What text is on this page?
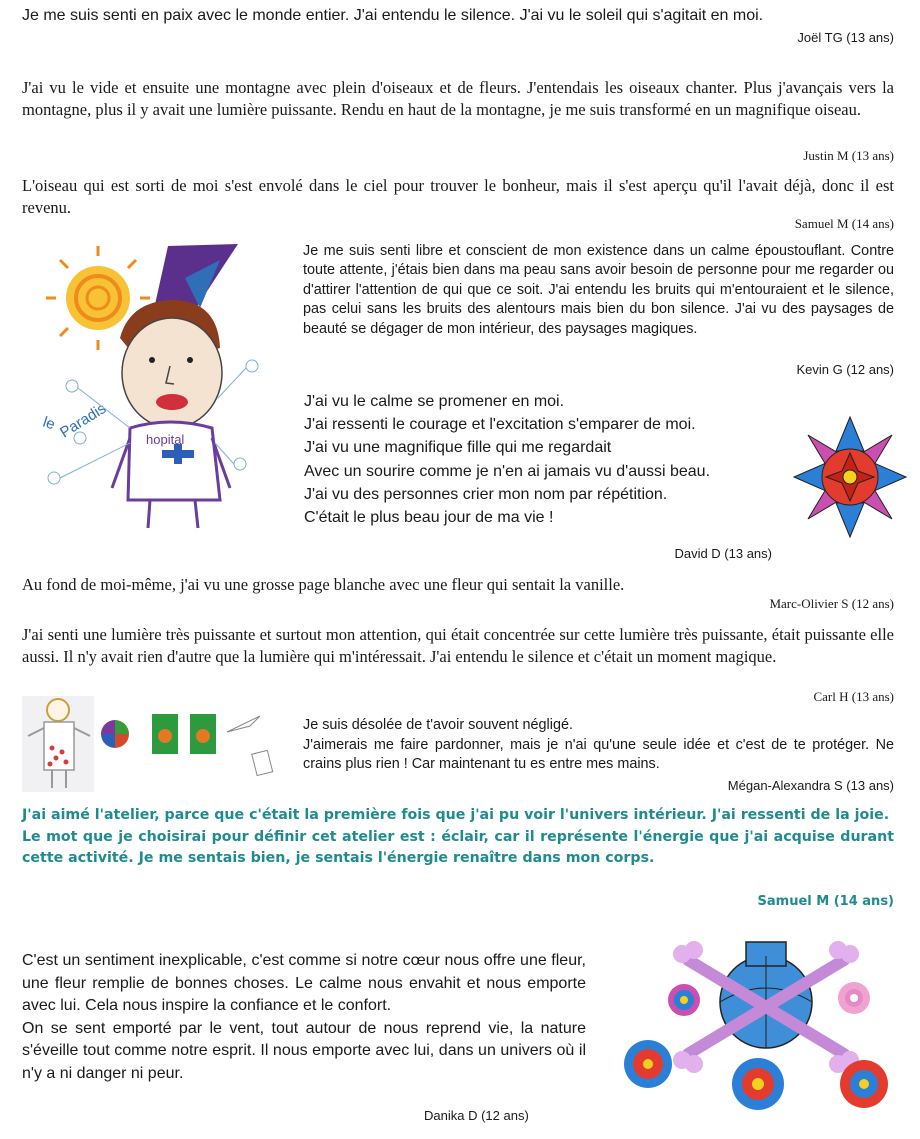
Je me suis senti en paix avec le monde entier. J'ai entendu le silence. J'ai vu le soleil qui s'agitait en moi.

Joël TG (13 ans)

J'ai vu le vide et ensuite une montagne avec plein d'oiseaux et de fleurs. J'entendais les oiseaux chanter. Plus j'avançais vers la montagne, plus il y avait une lumière puissante. Rendu en haut de la montagne, je me suis transformé en un magnifique oiseau.

Justin M (13 ans)

L'oiseau qui est sorti de moi s'est envolé dans le ciel pour trouver le bonheur, mais il s'est aperçu qu'il l'avait déjà, donc il est revenu.

Samuel M (14 ans)
hopital
le Paradis

Je me suis senti libre et conscient de mon existence dans un calme époustouflant. Contre toute attente, j'étais bien dans ma peau sans avoir besoin de personne pour me regarder ou d'attirer l'attention de qui que ce soit. J'ai entendu les bruits qui m'entouraient et le silence, pas celui sans les bruits des alentours mais bien du bon silence. J'ai vu des paysages de beauté se dégager de mon intérieur, des paysages magiques.

Kevin G (12 ans)
J'ai vu le calme se promener en moi.
J'ai ressenti le courage et l'excitation s'emparer de moi.
J'ai vu une magnifique fille qui me regardait
Avec un sourire comme je n'en ai jamais vu d'aussi beau.
J'ai vu des personnes crier mon nom par répétition.
C'était le plus beau jour de ma vie !
David D (13 ans)

Au fond de moi-même, j'ai vu une grosse page blanche avec une fleur qui sentait la vanille.

Marc-Olivier S (12 ans)

J'ai senti une lumière très puissante et surtout mon attention, qui était concentrée sur cette lumière très puissante, était puissante elle aussi. Il n'y avait rien d'autre que la lumière qui m'intéressait. J'ai entendu le silence et c'était un moment magique.

Carl H (13 ans)
Je suis désolée de t'avoir souvent négligé.
J'aimerais me faire pardonner, mais je n'ai qu'une seule idée et c'est de te protéger. Ne crains plus rien ! Car maintenant tu es entre mes mains.
Mégan-Alexandra S (13 ans)
J'ai aimé l'atelier, parce que c'était la première fois que j'ai pu voir l'univers intérieur. J'ai ressenti de la joie.
Le mot que je choisirai pour définir cet atelier est : éclair, car il représente l'énergie que j'ai acquise durant cette activité. Je me sentais bien, je sentais l'énergie renaître dans mon corps.
Samuel M (14 ans)
C'est un sentiment inexplicable, c'est comme si notre cœur nous offre une fleur, une fleur remplie de bonnes choses. Le calme nous envahit et nous emporte avec lui. Cela nous inspire la confiance et le confort.
On se sent emporté par le vent, tout autour de nous reprend vie, la nature s'éveille tout comme notre esprit. Il nous emporte avec lui, dans un univers où il n'y a ni danger ni peur.
Danika D (12 ans)
